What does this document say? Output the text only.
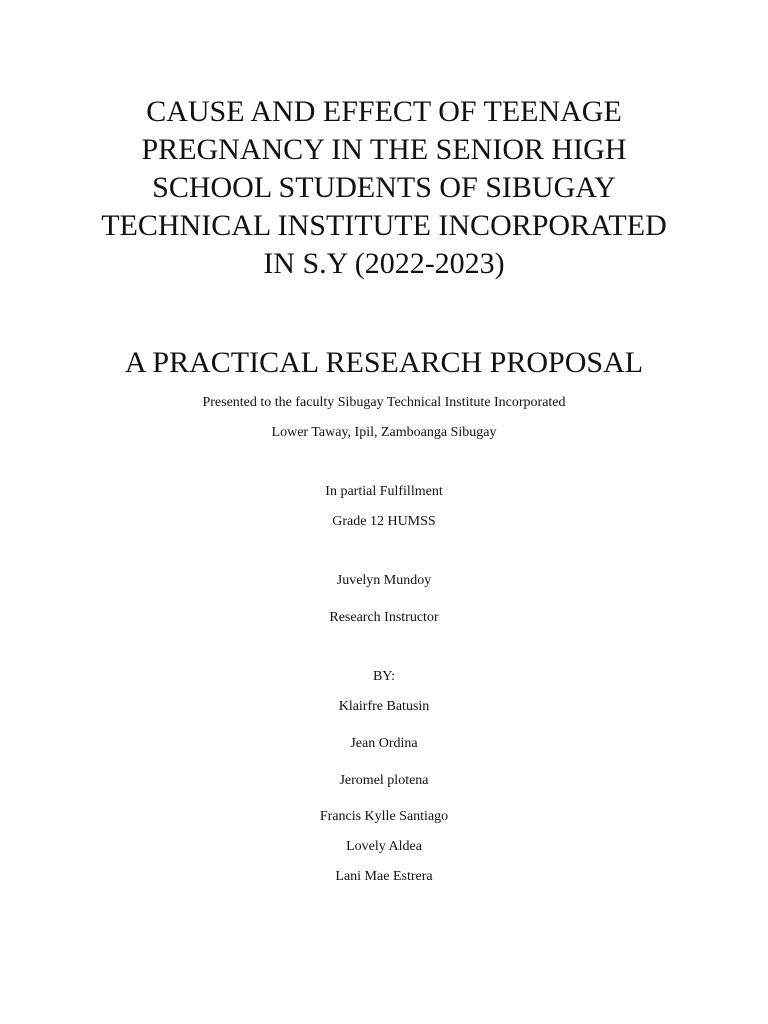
CAUSE AND EFFECT OF TEENAGE
PREGNANCY IN THE SENIOR HIGH
SCHOOL STUDENTS OF SIBUGAY
TECHNICAL INSTITUTE INCORPORATED
IN S.Y (2022-2023)
A PRACTICAL RESEARCH PROPOSAL
Presented to the faculty Sibugay Technical Institute Incorporated
Lower Taway, Ipil, Zamboanga Sibugay
In partial Fulfillment
Grade 12 HUMSS
Juvelyn Mundoy
Research Instructor
BY:
Klairfre Batusin
Jean Ordina
Jeromel plotena
Francis Kylle Santiago
Lovely Aldea
Lani Mae Estrera
